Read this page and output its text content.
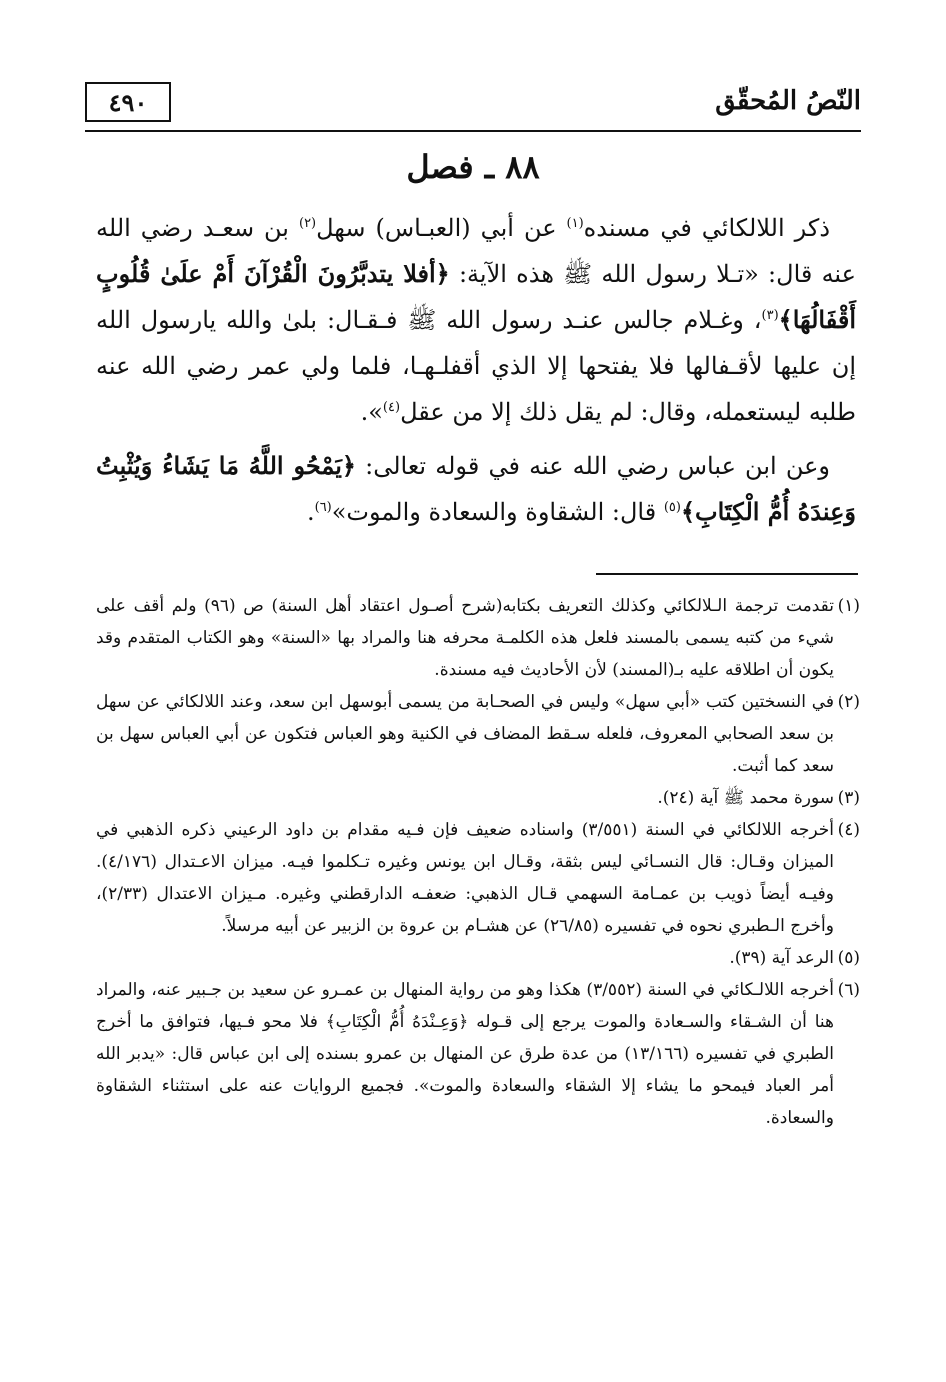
٤٩٠	النّصُ المُحقّق
٨٨ ـ فصل

ذكر اللالكائي في مسنده$^{(١)}$ عن أبي (العبـاس) سهل$^{(٢)}$ بن سعـد رضي الله عنه قال: «تـلا رسول الله ﷺ هذه الآية: ﴿أفلا يتدبَّرُونَ الْقُرْآنَ أَمْ علَىٰ قُلُوبٍ أَقْفَالُهَا﴾$^{(٣)}$، وغـلام جالس عنـد رسول الله ﷺ فـقـال: بلىٰ والله يارسول الله إن عليها لأقـفالها فلا يفتحها إلا الذي أقفلـهـا، فلما ولي عمر رضي الله عنه طلبه ليستعمله، وقال: لم يقل ذلك إلا من عقل$^{(٤)}$».

وعن ابن عباس رضي الله عنه في قوله تعالى: ﴿يَمْحُو اللَّهُ مَا يَشَاءُ وَيُثْبِتُ وَعِندَهُ أُمُّ الْكِتَابِ﴾$^{(٥)}$ قال: الشقاوة والسعادة والموت»$^{(٦)}$.

(١)تقدمت ترجمة الـلالكائي وكذلك التعريف بكتابه(شرح أصـول اعتقاد أهل السنة) ص (٩٦) ولم أقف على شيء من كتبه يسمى بالمسند فلعل هذه الكلمـة محرفه هنا والمراد بها «السنة» وهو الكتاب المتقدم وقد يكون أن اطلاقه عليه بـ(المسند) لأن الأحاديث فيه مسندة.

(٢)في النسختين كتب «أبي سهل» وليس في الصحـابة من يسمى أبوسهل ابن سعد، وعند اللالكائي عن سهل بن سعد الصحابي المعروف، فلعله سـقط المضاف في الكنية وهو العباس فتكون عن أبي العباس سهل بن سعد كما أثبت.

(٣)سورة محمد ﷺ آية (٢٤).

(٤)أخرجه اللالكائي في السنة (٣/٥٥١) واسناده ضعيف فإن فـيه مقدام بن داود الرعيني ذكره الذهبي في الميزان وقـال: قال النسـائي ليس بثقة، وقـال ابن يونس وغيره تـكلموا فيـه. ميزان الاعـتدال (٤/١٧٦). وفيـه أيضاً ذويب بن عمـامة السهمي قـال الذهبي: ضعفـه الدارقطني وغيره. مـيزان الاعتدال (٢/٣٣)، وأخرج الـطبري نحوه في تفسيره (٢٦/٨٥) عن هشـام بن عروة بن الزبير عن أبيه مرسلاً.

(٥)الرعد آية (٣٩).

(٦)أخرجه اللالـكائي في السنة (٣/٥٥٢) هكذا وهو من رواية المنهال بن عمـرو عن سعيد بن جـبير عنه، والمراد هنا أن الشـقاء والسـعادة والموت يرجع إلى قـوله ﴿وَعِـنْدَهُ أُمُّ الْكِتَابِ﴾ فلا محو فـيها، فتوافق ما أخرج الطبري في تفسيره (١٣/١٦٦) من عدة طرق عن المنهال بن عمرو بسنده إلى ابن عباس قال: «يدبر الله أمر العباد فيمحو ما يشاء إلا الشقاء والسعادة والموت». فجميع الروايات عنه على استثناء الشقاوة والسعادة.
